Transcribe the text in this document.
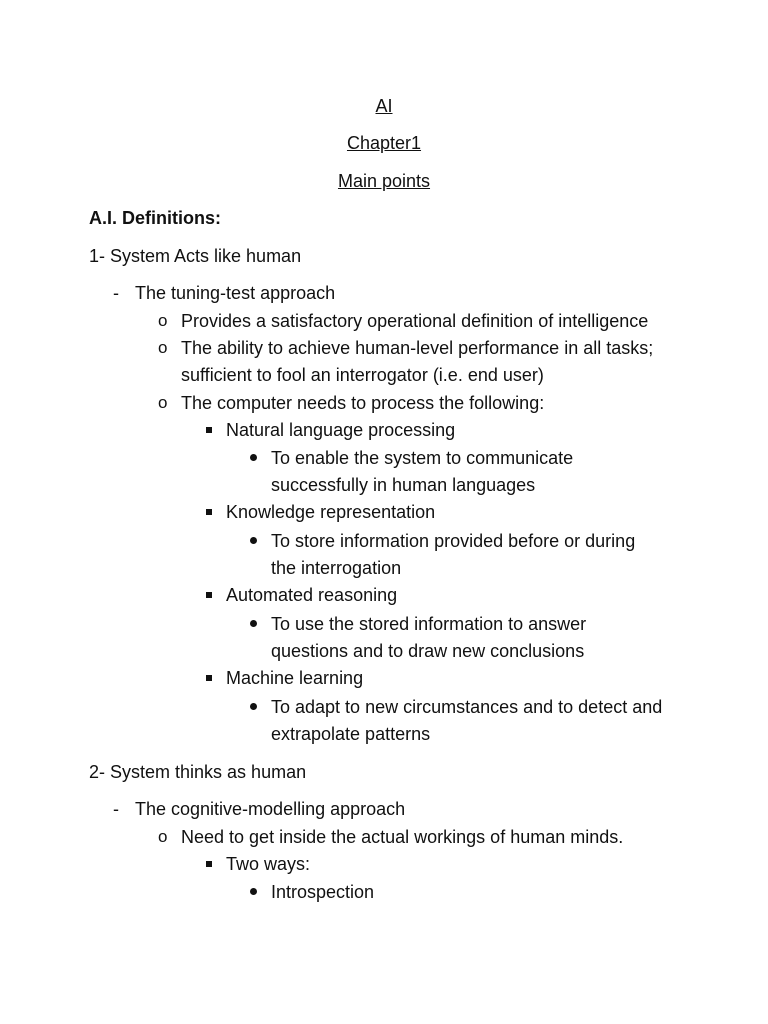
AI
Chapter1
Main points
A.I. Definitions:
1- System Acts like human
- The tuning-test approach
o Provides a satisfactory operational definition of intelligence
o The ability to achieve human-level performance in all tasks;
sufficient to fool an interrogator (i.e. end user)
o The computer needs to process the following:
Natural language processing
To enable the system to communicate
successfully in human languages
Knowledge representation
To store information provided before or during
the interrogation
Automated reasoning
To use the stored information to answer
questions and to draw new conclusions
Machine learning
To adapt to new circumstances and to detect and
extrapolate patterns
2- System thinks as human
- The cognitive-modelling approach
o Need to get inside the actual workings of human minds.
Two ways:
Introspection
